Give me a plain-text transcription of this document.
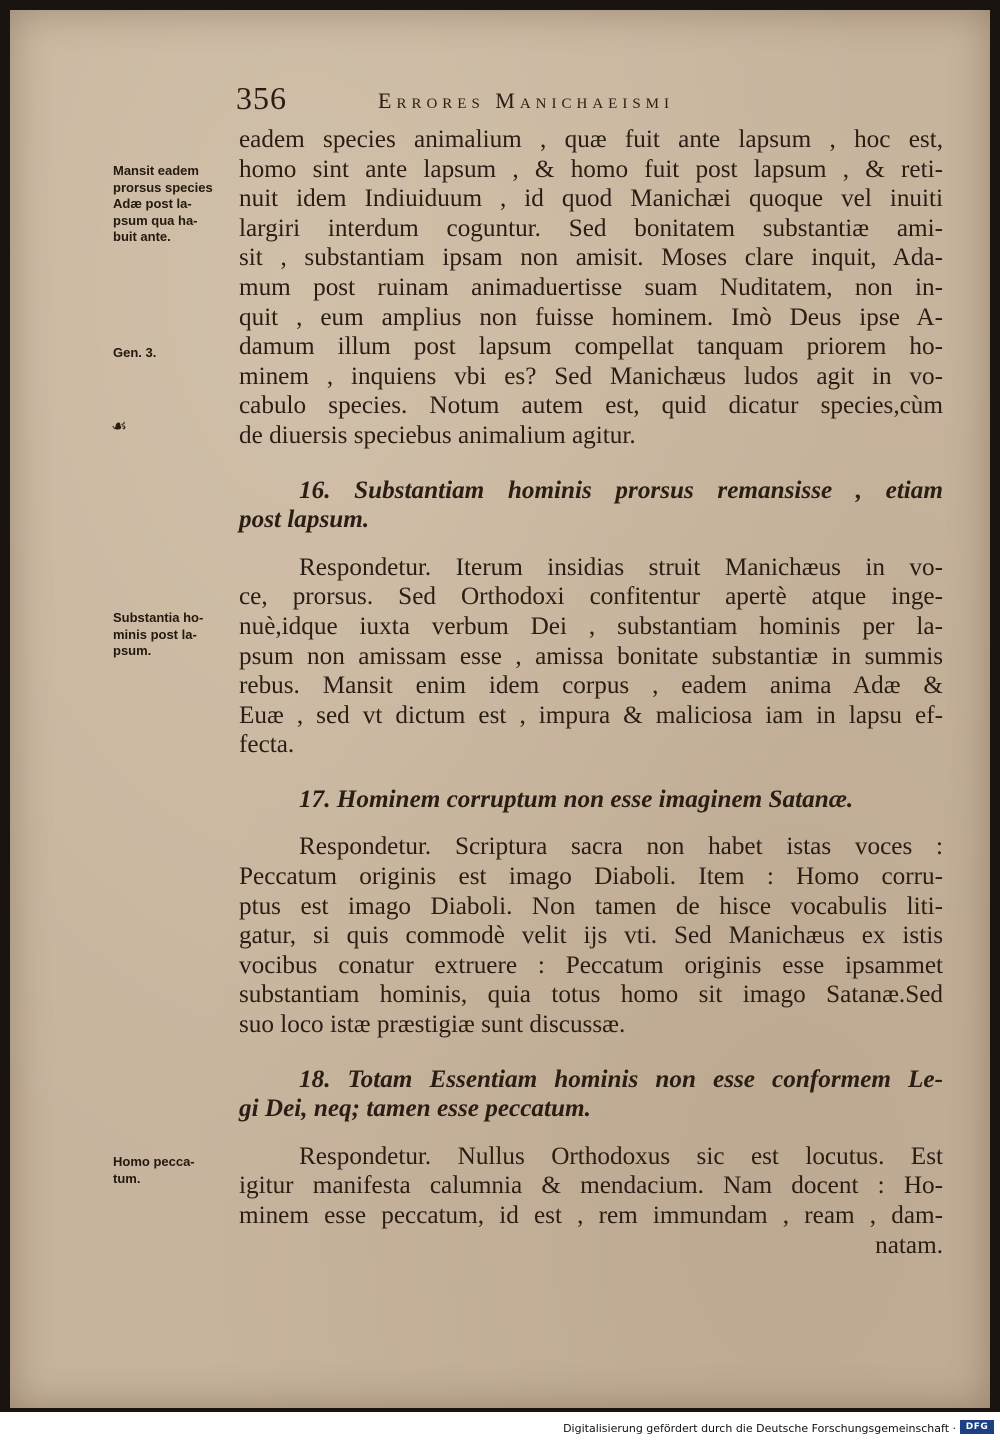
356	Errores Manichaeismi
Mansit eadem
prorsus species
Adæ post la-
psum qua ha-
buit ante.
Gen. 3.
☙
Substantia ho-
minis post la-
psum.
Homo pecca-
tum.
eadem species animalium , quæ fuit ante lapsum , hoc est,
homo sint ante lapsum , & homo fuit post lapsum , & reti-
nuit idem Indiuiduum , id quod Manichæi quoque vel inuiti
largiri interdum coguntur. Sed bonitatem substantiæ ami-
sit , substantiam ipsam non amisit. Moses clare inquit, Ada-
mum post ruinam animaduertisse suam Nuditatem, non in-
quit , eum amplius non fuisse hominem. Imò Deus ipse A-
damum illum post lapsum compellat tanquam priorem ho-
minem , inquiens vbi es? Sed Manichæus ludos agit in vo-
cabulo species. Notum autem est, quid dicatur species,cùm
de diuersis speciebus animalium agitur.
16. Substantiam hominis prorsus remansisse , etiam
post lapsum.
Respondetur. Iterum insidias struit Manichæus in vo-
ce, prorsus. Sed Orthodoxi confitentur apertè atque inge-
nuè,idque iuxta verbum Dei , substantiam hominis per la-
psum non amissam esse , amissa bonitate substantiæ in summis
rebus. Mansit enim idem corpus , eadem anima Adæ &
Euæ , sed vt dictum est , impura & maliciosa iam in lapsu ef-
fecta.
17. Hominem corruptum non esse imaginem Satanæ.
Respondetur. Scriptura sacra non habet istas voces :
Peccatum originis est imago Diaboli. Item : Homo corru-
ptus est imago Diaboli. Non tamen de hisce vocabulis liti-
gatur, si quis commodè velit ijs vti. Sed Manichæus ex istis
vocibus conatur extruere : Peccatum originis esse ipsammet
substantiam hominis, quia totus homo sit imago Satanæ.Sed
suo loco istæ præstigiæ sunt discussæ.
18. Totam Essentiam hominis non esse conformem Le-
gi Dei, neq; tamen esse peccatum.
Respondetur. Nullus Orthodoxus sic est locutus. Est
igitur manifesta calumnia & mendacium. Nam docent : Ho-
minem esse peccatum, id est , rem immundam , ream , dam-
natam.
Digitalisierung gefördert durch die Deutsche Forschungsgemeinschaft ·	DFG
